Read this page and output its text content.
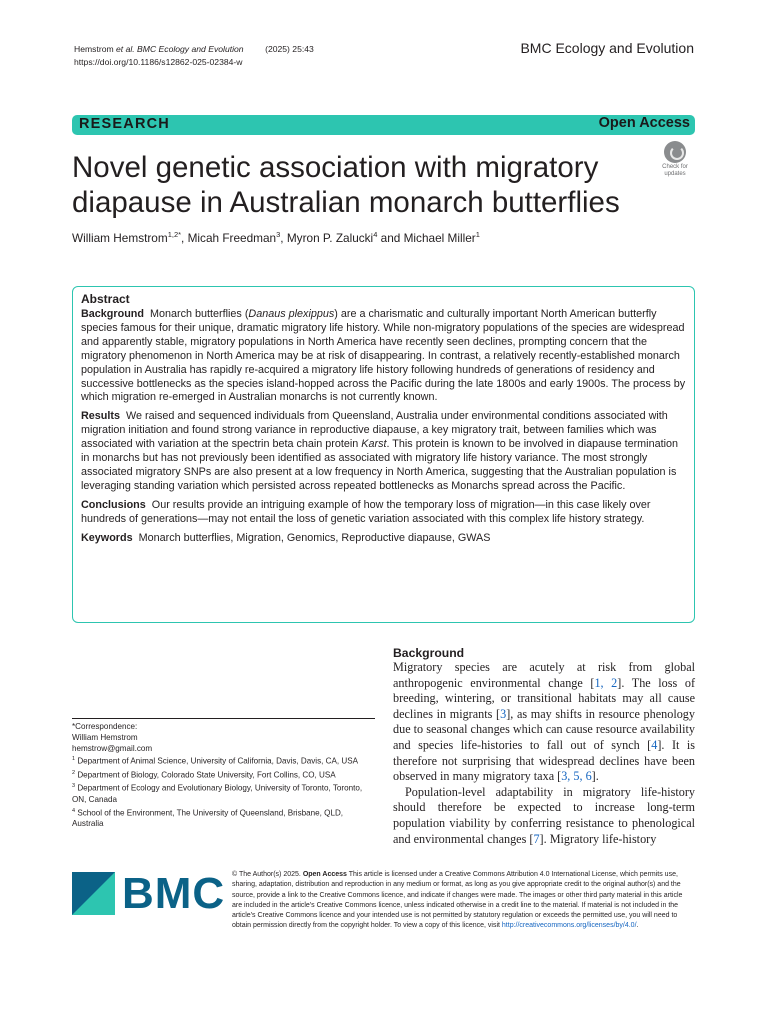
Hemstrom et al. BMC Ecology and Evolution	(2025) 25:43
https://doi.org/10.1186/s12862-025-02384-w
BMC Ecology and Evolution
RESEARCH	Open Access
Novel genetic association with migratory diapause in Australian monarch butterflies
Check for
updates
William Hemstrom$^{1,2*}$, Micah Freedman$^3$, Myron P. Zalucki$^4$ and Michael Miller$^1$
Abstract

Background Monarch butterflies (Danaus plexippus) are a charismatic and culturally important North American butterfly species famous for their unique, dramatic migratory life history. While non-migratory populations of the species are widespread and apparently stable, migratory populations in North America have recently seen declines, prompting concern that the migratory phenomenon in North America may be at risk of disappearing. In contrast, a relatively recently-established monarch population in Australia has rapidly re-acquired a migratory life history following hundreds of generations of residency and successive bottlenecks as the species island-hopped across the Pacific during the late 1800s and early 1900s. The process by which migration re-emerged in Australian monarchs is not currently known.

Results We raised and sequenced individuals from Queensland, Australia under environmental conditions associated with migration initiation and found strong variance in reproductive diapause, a key migratory trait, between families which was associated with variation at the spectrin beta chain protein Karst. This protein is known to be involved in diapause termination in monarchs but has not previously been identified as associated with migratory life history variance. The most strongly associated migratory SNPs are also present at a low frequency in North America, suggesting that the Australian population is leveraging standing variation which persisted across repeated bottlenecks as Monarchs spread across the Pacific.

Conclusions Our results provide an intriguing example of how the temporary loss of migration—in this case likely over hundreds of generations—may not entail the loss of genetic variation associated with this complex life history strategy.

Keywords Monarch butterflies, Migration, Genomics, Reproductive diapause, GWAS

Background

Migratory species are acutely at risk from global anthropogenic environmental change [1, 2]. The loss of breeding, wintering, or transitional habitats may all cause declines in migrants [3], as may shifts in resource phenology due to seasonal changes which can cause resource availability and species life-histories to fall out of synch [4]. It is therefore not surprising that widespread declines have been observed in many migratory taxa [3, 5, 6].

Population-level adaptability in migratory life-history should therefore be expected to increase long-term population viability by conferring resistance to phenological and environmental changes [7]. Migratory life-history

*Correspondence:
William Hemstrom
hemstrow@gmail.com
$^1$ Department of Animal Science, University of California, Davis, Davis, CA, USA
$^2$ Department of Biology, Colorado State University, Fort Collins, CO, USA
$^3$ Department of Ecology and Evolutionary Biology, University of Toronto, Toronto, ON, Canada
$^4$ School of the Environment, The University of Queensland, Brisbane, QLD, Australia
BMC © The Author(s) 2025. Open Access This article is licensed under a Creative Commons Attribution 4.0 International License, which permits use, sharing, adaptation, distribution and reproduction in any medium or format, as long as you give appropriate credit to the original author(s) and the source, provide a link to the Creative Commons licence, and indicate if changes were made. The images or other third party material in this article are included in the article's Creative Commons licence, unless indicated otherwise in a credit line to the material. If material is not included in the article's Creative Commons licence and your intended use is not permitted by statutory regulation or exceeds the permitted use, you will need to obtain permission directly from the copyright holder. To view a copy of this licence, visit http://creativecommons.org/licenses/by/4.0/.
